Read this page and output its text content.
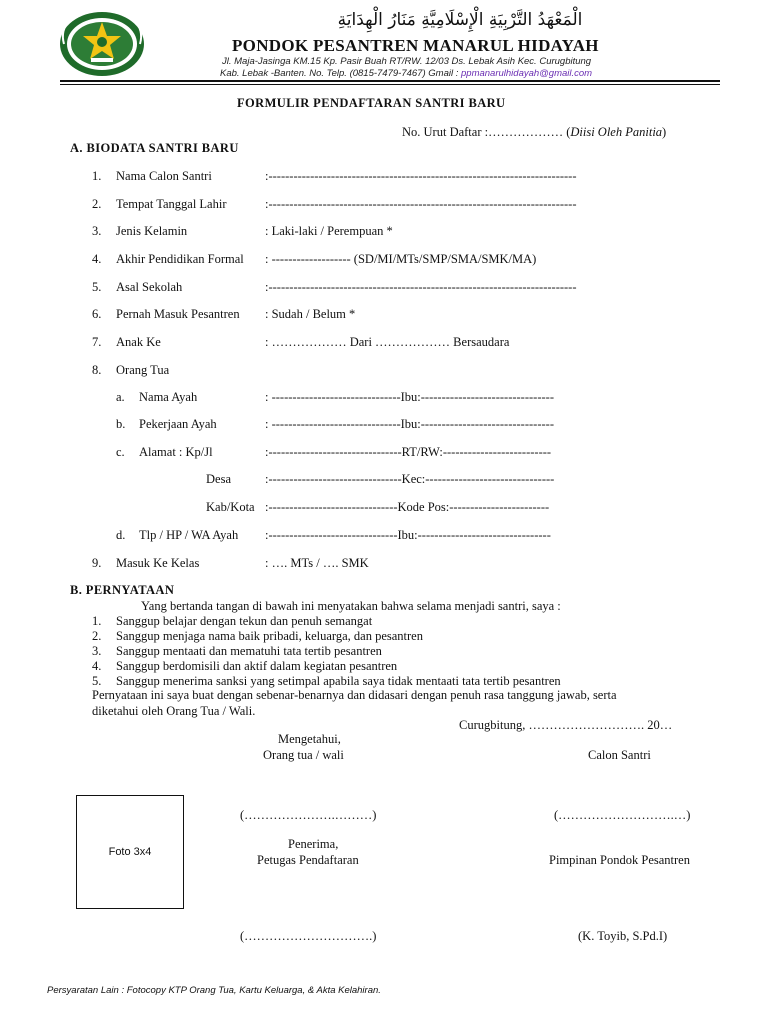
الْمَعْهَدُ التَّرْبِيَةِ الْإِسْلَامِيَّةِ مَنَارُ الْهِدَايَةِ
PONDOK PESANTREN MANARUL HIDAYAH
Jl. Maja-Jasinga KM.15 Kp. Pasir Buah RT/RW. 12/03 Ds. Lebak Asih Kec. Curugbitung
Kab. Lebak -Banten. No. Telp. (0815-7479-7467) Gmail : ppmanarulhidayah@gmail.com
FORMULIR PENDAFTARAN SANTRI BARU
No. Urut Daftar :……………… (Diisi Oleh Panitia)
A. BIODATA SANTRI BARU
1. Nama Calon Santri	:--------------------------------------------------------------------------
2. Tempat Tanggal Lahir	:--------------------------------------------------------------------------
3. Jenis Kelamin	: Laki-laki / Perempuan *
4. Akhir Pendidikan Formal : ------------------- (SD/MI/MTs/SMP/SMA/SMK/MA)
5. Asal Sekolah	:--------------------------------------------------------------------------
6. Pernah Masuk Pesantren : Sudah / Belum *
7. Anak Ke	: ……………… Dari ……………… Bersaudara
8. Orang Tua
a. Nama Ayah	: -------------------------------Ibu:--------------------------------
b. Pekerjaan Ayah	: -------------------------------Ibu:--------------------------------
c. Alamat : Kp/Jl	:--------------------------------RT/RW:--------------------------
Desa	:--------------------------------Kec:-------------------------------
Kab/Kota :-------------------------------Kode Pos:------------------------
d. Tlp / HP / WA Ayah :-------------------------------Ibu:--------------------------------
9. Masuk Ke Kelas	: …. MTs / …. SMK
B. PERNYATAAN
Yang bertanda tangan di bawah ini menyatakan bahwa selama menjadi santri, saya :
1. Sanggup belajar dengan tekun dan penuh semangat
2. Sanggup menjaga nama baik pribadi, keluarga, dan pesantren
3. Sanggup mentaati dan mematuhi tata tertib pesantren
4. Sanggup berdomisili dan aktif dalam kegiatan pesantren
5. Sanggup menerima sanksi yang setimpal apabila saya tidak mentaati tata tertib pesantren
Pernyataan ini saya buat dengan sebenar-benarnya dan didasari dengan penuh rasa tanggung jawab, serta
diketahui oleh Orang Tua / Wali.
Curugbitung, ………………………. 20…
Mengetahui,
Orang tua / wali	Calon Santri
Foto 3x4
(………………….………)	(……………………….…)
Penerima,
Petugas Pendaftaran	Pimpinan Pondok Pesantren
(………………………….)	(K. Toyib, S.Pd.I)
Persyaratan Lain : Fotocopy KTP Orang Tua, Kartu Keluarga, & Akta Kelahiran.
